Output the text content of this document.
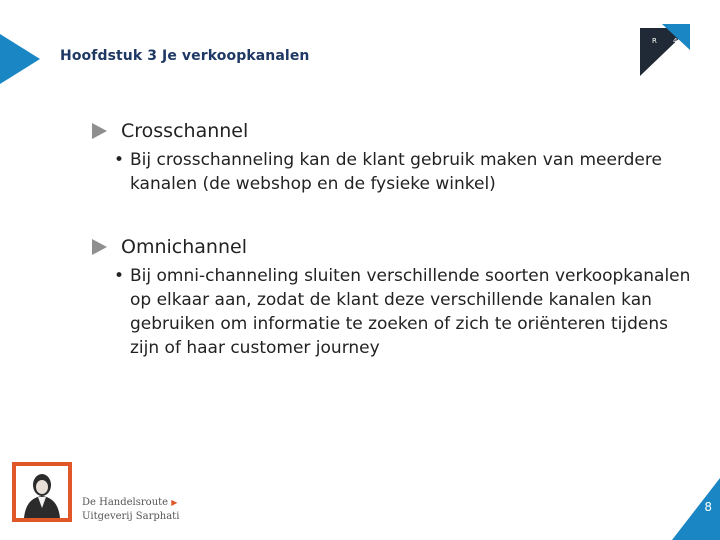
Hoofdstuk 3 Je verkoopkanalen
R 4
Crosschannel
• Bij crosschanneling kan de klant gebruik maken van meerdere kanalen (de webshop en de fysieke winkel)
Omnichannel
• Bij omni-channeling sluiten verschillende soorten verkoopkanalen op elkaar aan, zodat de klant deze verschillende kanalen kan gebruiken om informatie te zoeken of zich te oriënteren tijdens zijn of haar customer journey
De Handelsroute ▶
Uitgeverij Sarphati
8
